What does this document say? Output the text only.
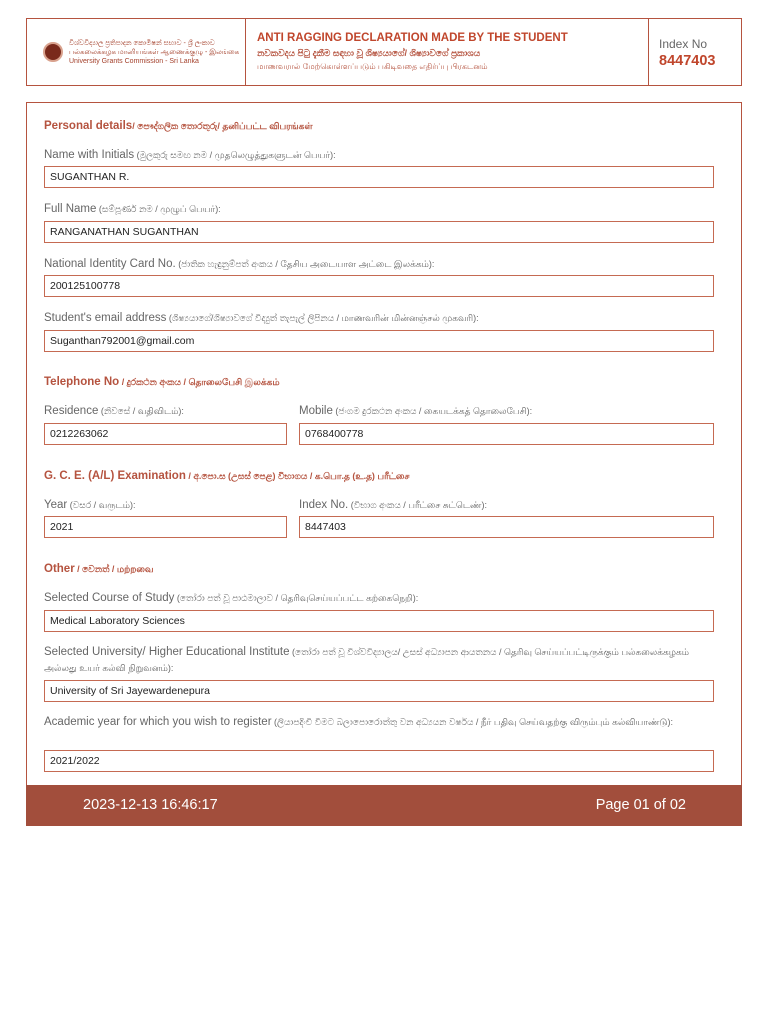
විශ්වවිද්‍යාල ප්‍රතිපාදන කොමිෂන් සභාව - ශ්‍රී ලංකාව
பல்கலைக்கழக மானியங்கள் ஆணைக்குழு - இலங்கை
University Grants Commission - Sri Lanka
ANTI RAGGING DECLARATION MADE BY THE STUDENT
නවකවදය පිටු දැකීම සඳහා වූ ශිෂ්‍යයාගේ/ ශිෂ්‍යාවගේ ප්‍රකාශය
மாணவரால் மேற்கொள்ளப்படும் பகிடிவதை எதிர்ப்பு பிரகடனம்
Index No
8447403
Personal details/ පෞද්ගලික තොරතුරු/ தனிப்பட்ட விபரங்கள்
Name with Initials (මුලකුරු සමඟ නම / முதலெழுத்துகளுடன் பெயர்):
SUGANTHAN R.
Full Name (සම්පූර්ණ නම / முழுப் பெயர்):
RANGANATHAN SUGANTHAN
National Identity Card No. (ජාතික හැඳුනුම්පත් අංකය / தேசிய அடையாள அட்டை இலக்கம்):
200125100778
Student's email address (ශිෂ්‍යයාගේ/ශිෂ්‍යාවගේ විද්‍යුත් තැපැල් ලිපිනය / மாணவரின் மின்னஞ்சல் முகவரி):
Suganthan792001@gmail.com
Telephone No / දුරකථන අංකය / தொலைபேசி இலக்கம்
Residence (නිවසේ / வதிவிடம்):
0212263062
Mobile (ජංගම දුරකථන අංකය / கையடக்கத் தொலைபேசி):
0768400778
G. C. E. (A/L) Examination / අ.පො.ස (උසස් පෙළ) විභාගය / க.பொ.த (உ.த) பரீட்சை
Year (වසර / வருடம்):
2021
Index No. (විභාග අංකය / பரீட்சை சுட்டெண்):
8447403
Other / වෙනත් / மற்றவை
Selected Course of Study (තෝරා පත් වූ පාඨමාලාව / தெரிவுசெய்யப்பட்ட கற்கைநெறி):
Medical Laboratory Sciences
Selected University/ Higher Educational Institute (තෝරා පත් වූ විශ්වවිද්‍යාලය/ උසස් අධ්‍යාපන ආයතනය / தெரிவு செய்யப்பட்டிருக்கும் பல்கலைக்கழகம் அல்லது உயர் கல்வி நிறுவனம்):
University of Sri Jayewardenepura
Academic year for which you wish to register (ලියාපදිංචි වීමට බලාපොරොත්තු වන අධ්‍යයන වර්ෂය / நீர் பதிவு செய்வதற்கு விரும்பும் கல்வியாண்டு):
2021/2022
2023-12-13 16:46:17	Page 01 of 02
